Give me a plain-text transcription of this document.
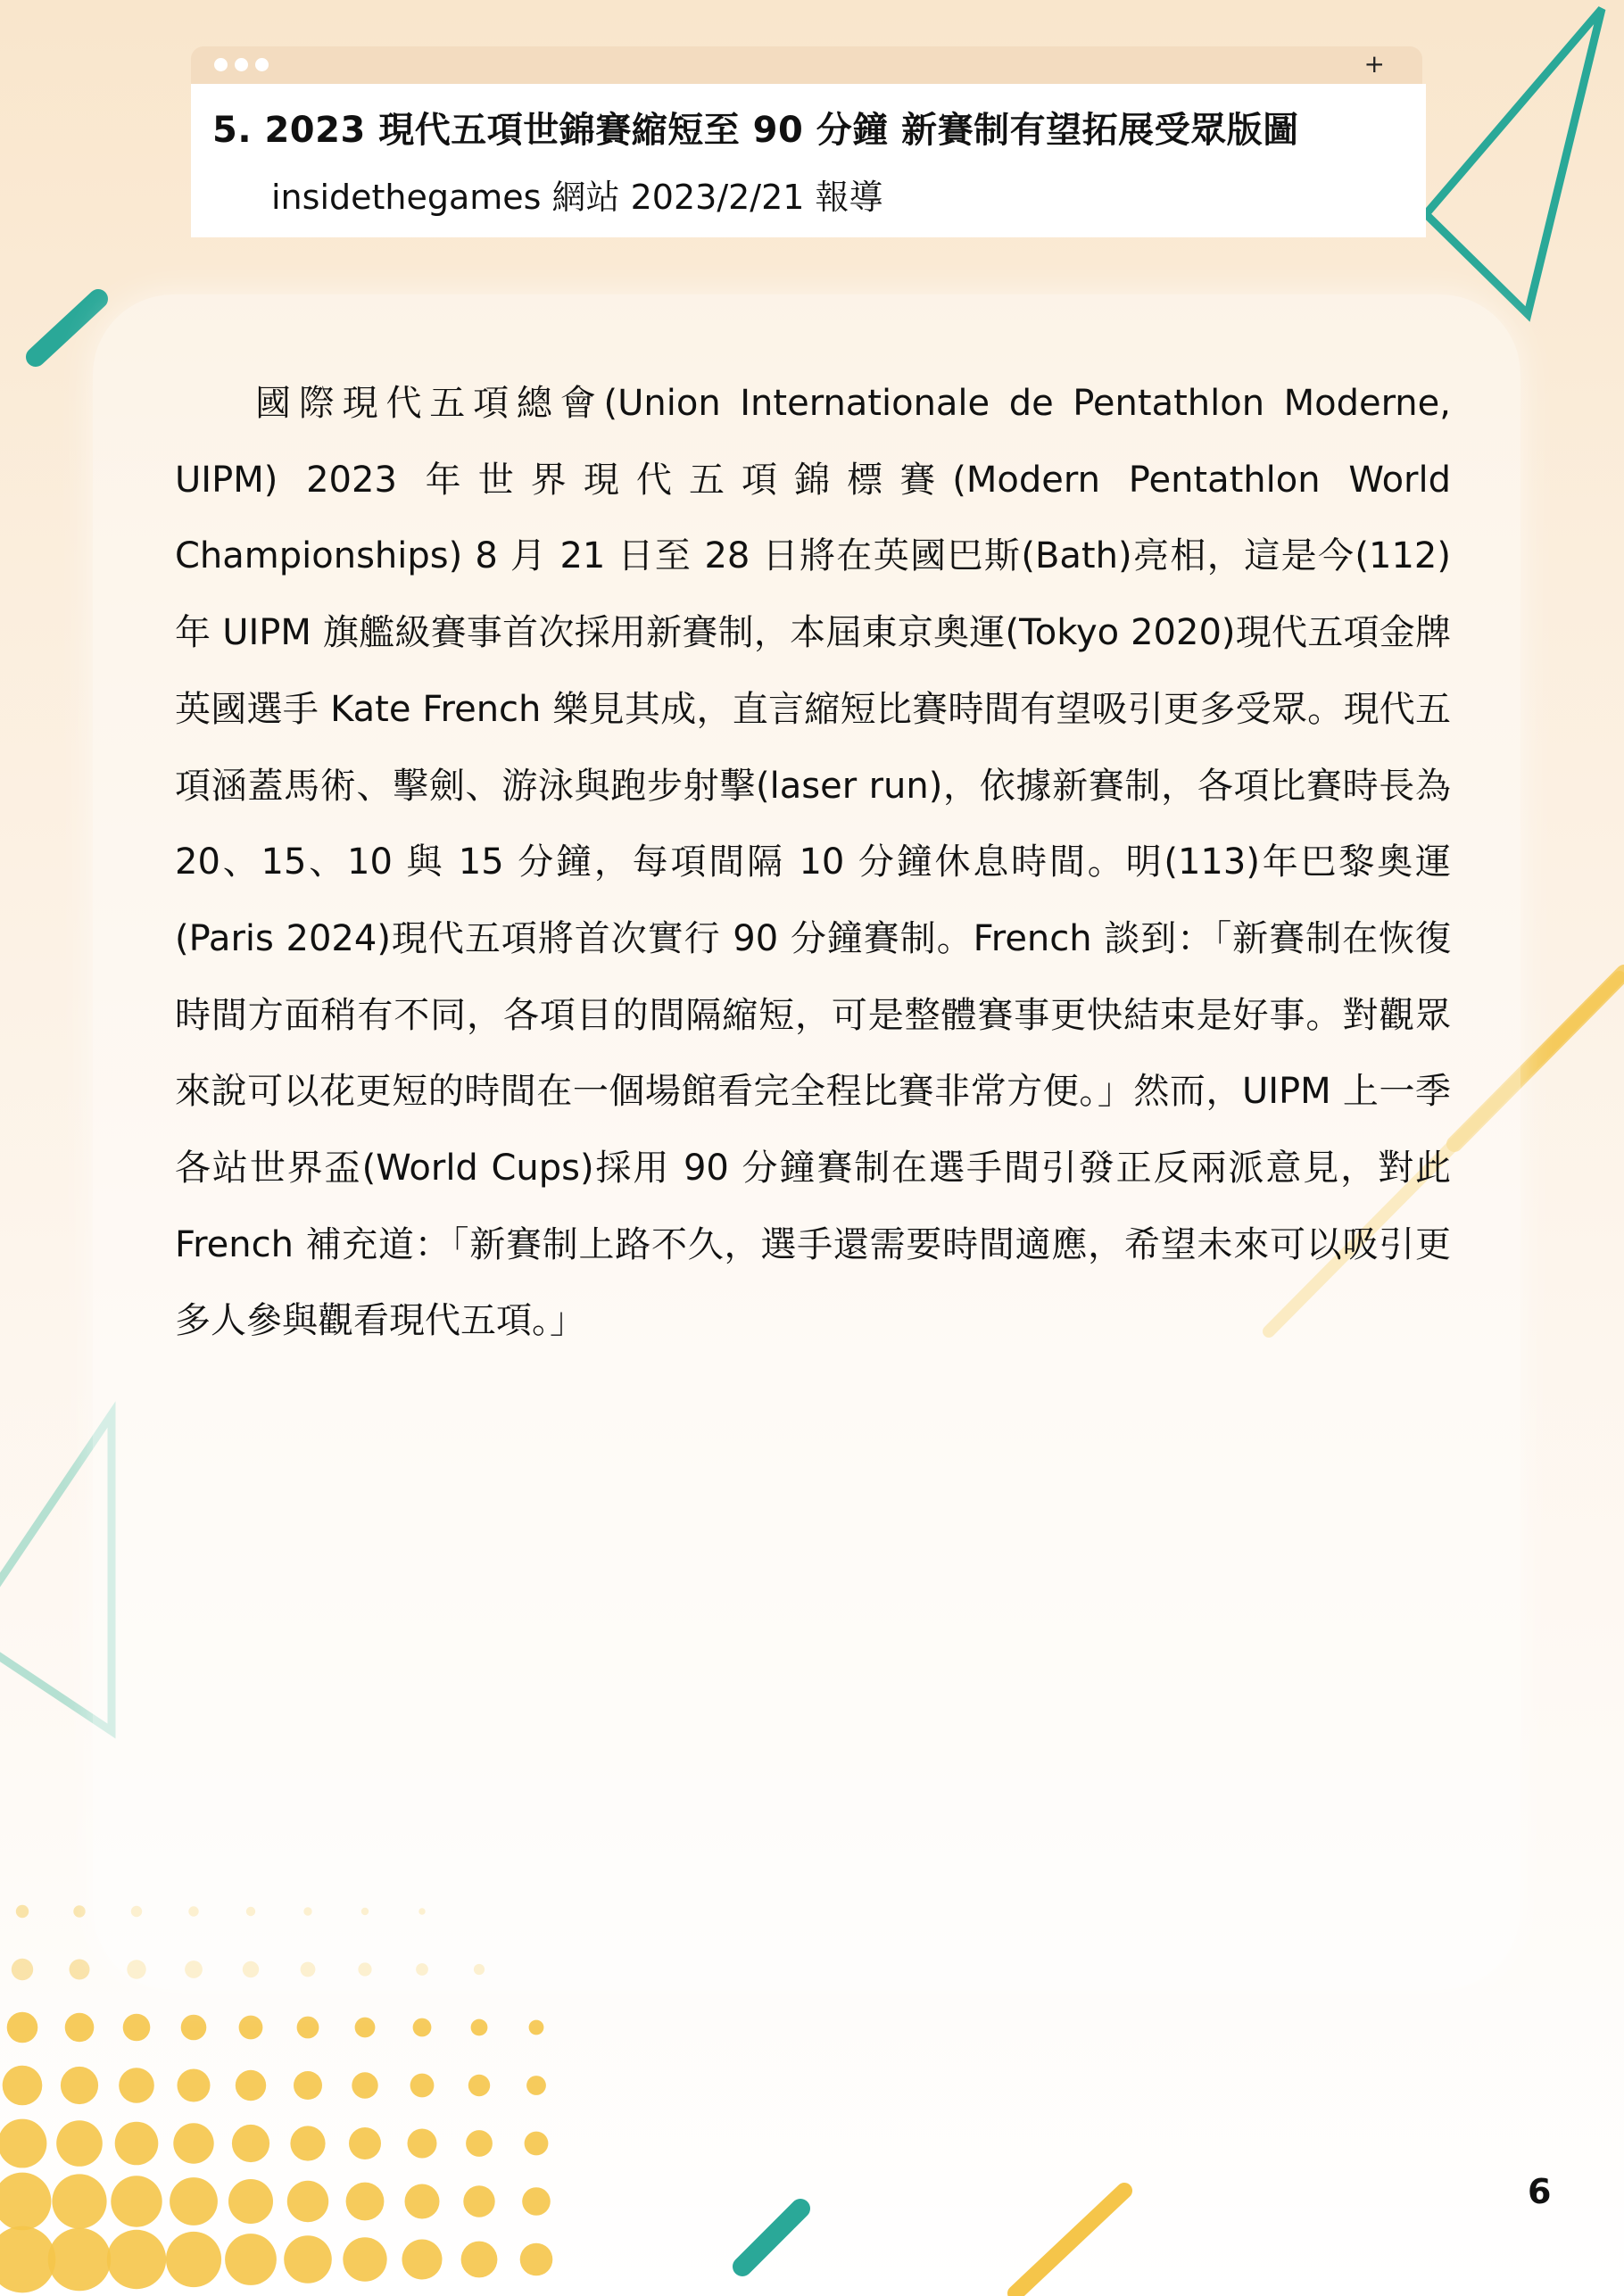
+
5. 2023 現代五項世錦賽縮短至 90 分鐘 新賽制有望拓展受眾版圖
insidethegames 網站 2023/2/21 報導

國際現代五項總會(Union Internationale de Pentathlon Moderne, UIPM) 2023 年世界現代五項錦標賽(Modern Pentathlon World Championships) 8 月 21 日至 28 日將在英國巴斯(Bath)亮相，這是今(112)年 UIPM 旗艦級賽事首次採用新賽制，本屆東京奧運(Tokyo 2020)現代五項金牌英國選手 Kate French 樂見其成，直言縮短比賽時間有望吸引更多受眾。現代五項涵蓋馬術、擊劍、游泳與跑步射擊(laser run)，依據新賽制，各項比賽時長為 20、15、10 與 15 分鐘，每項間隔 10 分鐘休息時間。明(113)年巴黎奧運(Paris 2024)現代五項將首次實行 90 分鐘賽制。French 談到：「新賽制在恢復時間方面稍有不同，各項目的間隔縮短，可是整體賽事更快結束是好事。對觀眾來說可以花更短的時間在一個場館看完全程比賽非常方便。」然而，UIPM 上一季各站世界盃(World Cups)採用 90 分鐘賽制在選手間引發正反兩派意見，對此 French 補充道：「新賽制上路不久，選手還需要時間適應，希望未來可以吸引更多人參與觀看現代五項。」

6
